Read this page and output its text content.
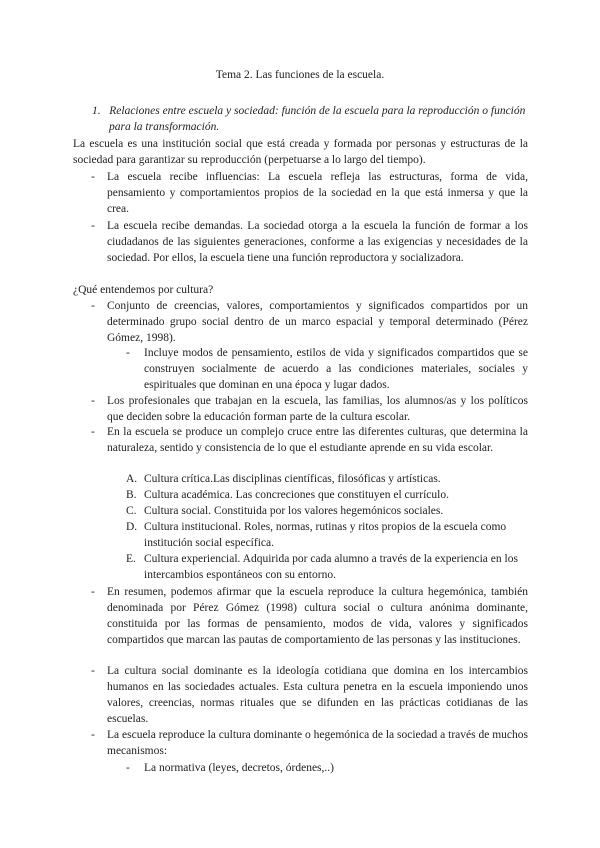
Tema 2. Las funciones de la escuela.
1. Relaciones entre escuela y sociedad: función de la escuela para la reproducción o función para la transformación.
La escuela es una institución social que está creada y formada por personas y estructuras de la sociedad para garantizar su reproducción (perpetuarse a lo largo del tiempo).
- La escuela recibe influencias: La escuela refleja las estructuras, forma de vida, pensamiento y comportamientos propios de la sociedad en la que está inmersa y que la crea.
- La escuela recibe demandas. La sociedad otorga a la escuela la función de formar a los ciudadanos de las siguientes generaciones, conforme a las exigencias y necesidades de la sociedad. Por ellos, la escuela tiene una función reproductora y socializadora.
¿Qué entendemos por cultura?
- Conjunto de creencias, valores, comportamientos y significados compartidos por un determinado grupo social dentro de un marco espacial y temporal determinado (Pérez Gómez, 1998).
- Incluye modos de pensamiento, estilos de vida y significados compartidos que se construyen socialmente de acuerdo a las condiciones materiales, sociales y espirituales que dominan en una época y lugar dados.
- Los profesionales que trabajan en la escuela, las familias, los alumnos/as y los políticos que deciden sobre la educación forman parte de la cultura escolar.
- En la escuela se produce un complejo cruce entre las diferentes culturas, que determina la naturaleza, sentido y consistencia de lo que el estudiante aprende en su vida escolar.
A. Cultura crítica.Las disciplinas científicas, filosóficas y artísticas.
B. Cultura académica. Las concreciones que constituyen el currículo.
C. Cultura social. Constituida por los valores hegemónicos sociales.
D. Cultura institucional. Roles, normas, rutinas y ritos propios de la escuela como institución social específica.
E. Cultura experiencial. Adquirida por cada alumno a través de la experiencia en los intercambios espontáneos con su entorno.
- En resumen, podemos afirmar que la escuela reproduce la cultura hegemónica, también denominada por Pérez Gómez (1998) cultura social o cultura anónima dominante, constituida por las formas de pensamiento, modos de vida, valores y significados compartidos que marcan las pautas de comportamiento de las personas y las instituciones.
- La cultura social dominante es la ideología cotidiana que domina en los intercambios humanos en las sociedades actuales. Esta cultura penetra en la escuela imponiendo unos valores, creencias, normas rituales que se difunden en las prácticas cotidianas de las escuelas.
- La escuela reproduce la cultura dominante o hegemónica de la sociedad a través de muchos mecanismos:
- La normativa (leyes, decretos, órdenes,..)
